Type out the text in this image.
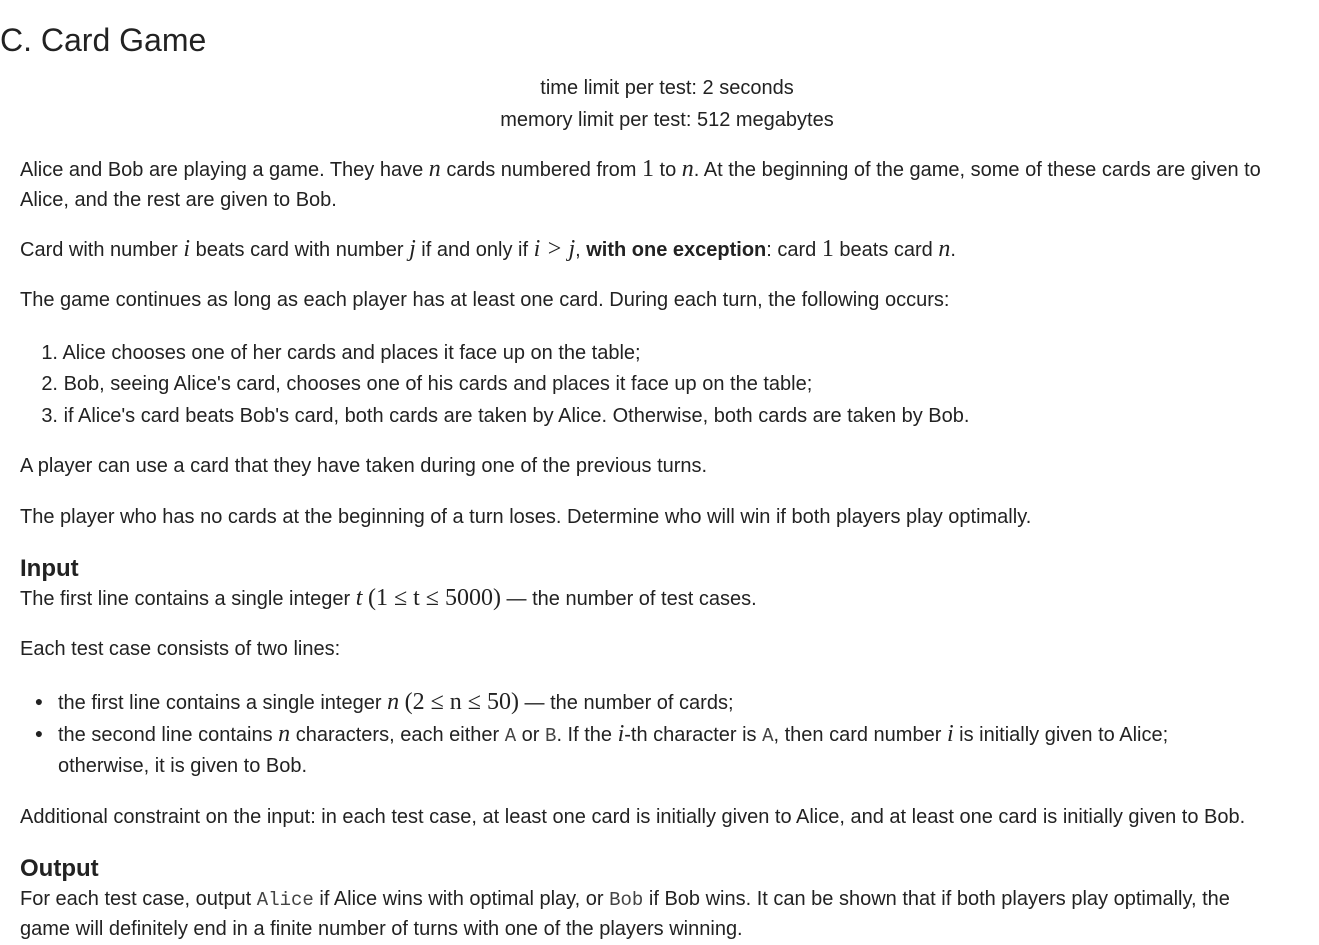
C. Card Game
time limit per test: 2 seconds
memory limit per test: 512 megabytes
Alice and Bob are playing a game. They have n cards numbered from 1 to n. At the beginning of the game, some of these cards are given to Alice, and the rest are given to Bob.
Card with number i beats card with number j if and only if i > j, with one exception: card 1 beats card n.
The game continues as long as each player has at least one card. During each turn, the following occurs:
1. Alice chooses one of her cards and places it face up on the table;
2. Bob, seeing Alice's card, chooses one of his cards and places it face up on the table;
3. if Alice's card beats Bob's card, both cards are taken by Alice. Otherwise, both cards are taken by Bob.
A player can use a card that they have taken during one of the previous turns.
The player who has no cards at the beginning of a turn loses. Determine who will win if both players play optimally.
Input
The first line contains a single integer t (1 ≤ t ≤ 5000) — the number of test cases.
Each test case consists of two lines:
● the first line contains a single integer n (2 ≤ n ≤ 50) — the number of cards;
● the second line contains n characters, each either A or B. If the i-th character is A, then card number i is initially given to Alice;
otherwise, it is given to Bob.
Additional constraint on the input: in each test case, at least one card is initially given to Alice, and at least one card is initially given to Bob.
Output
For each test case, output Alice if Alice wins with optimal play, or Bob if Bob wins. It can be shown that if both players play optimally, the
game will definitely end in a finite number of turns with one of the players winning.
